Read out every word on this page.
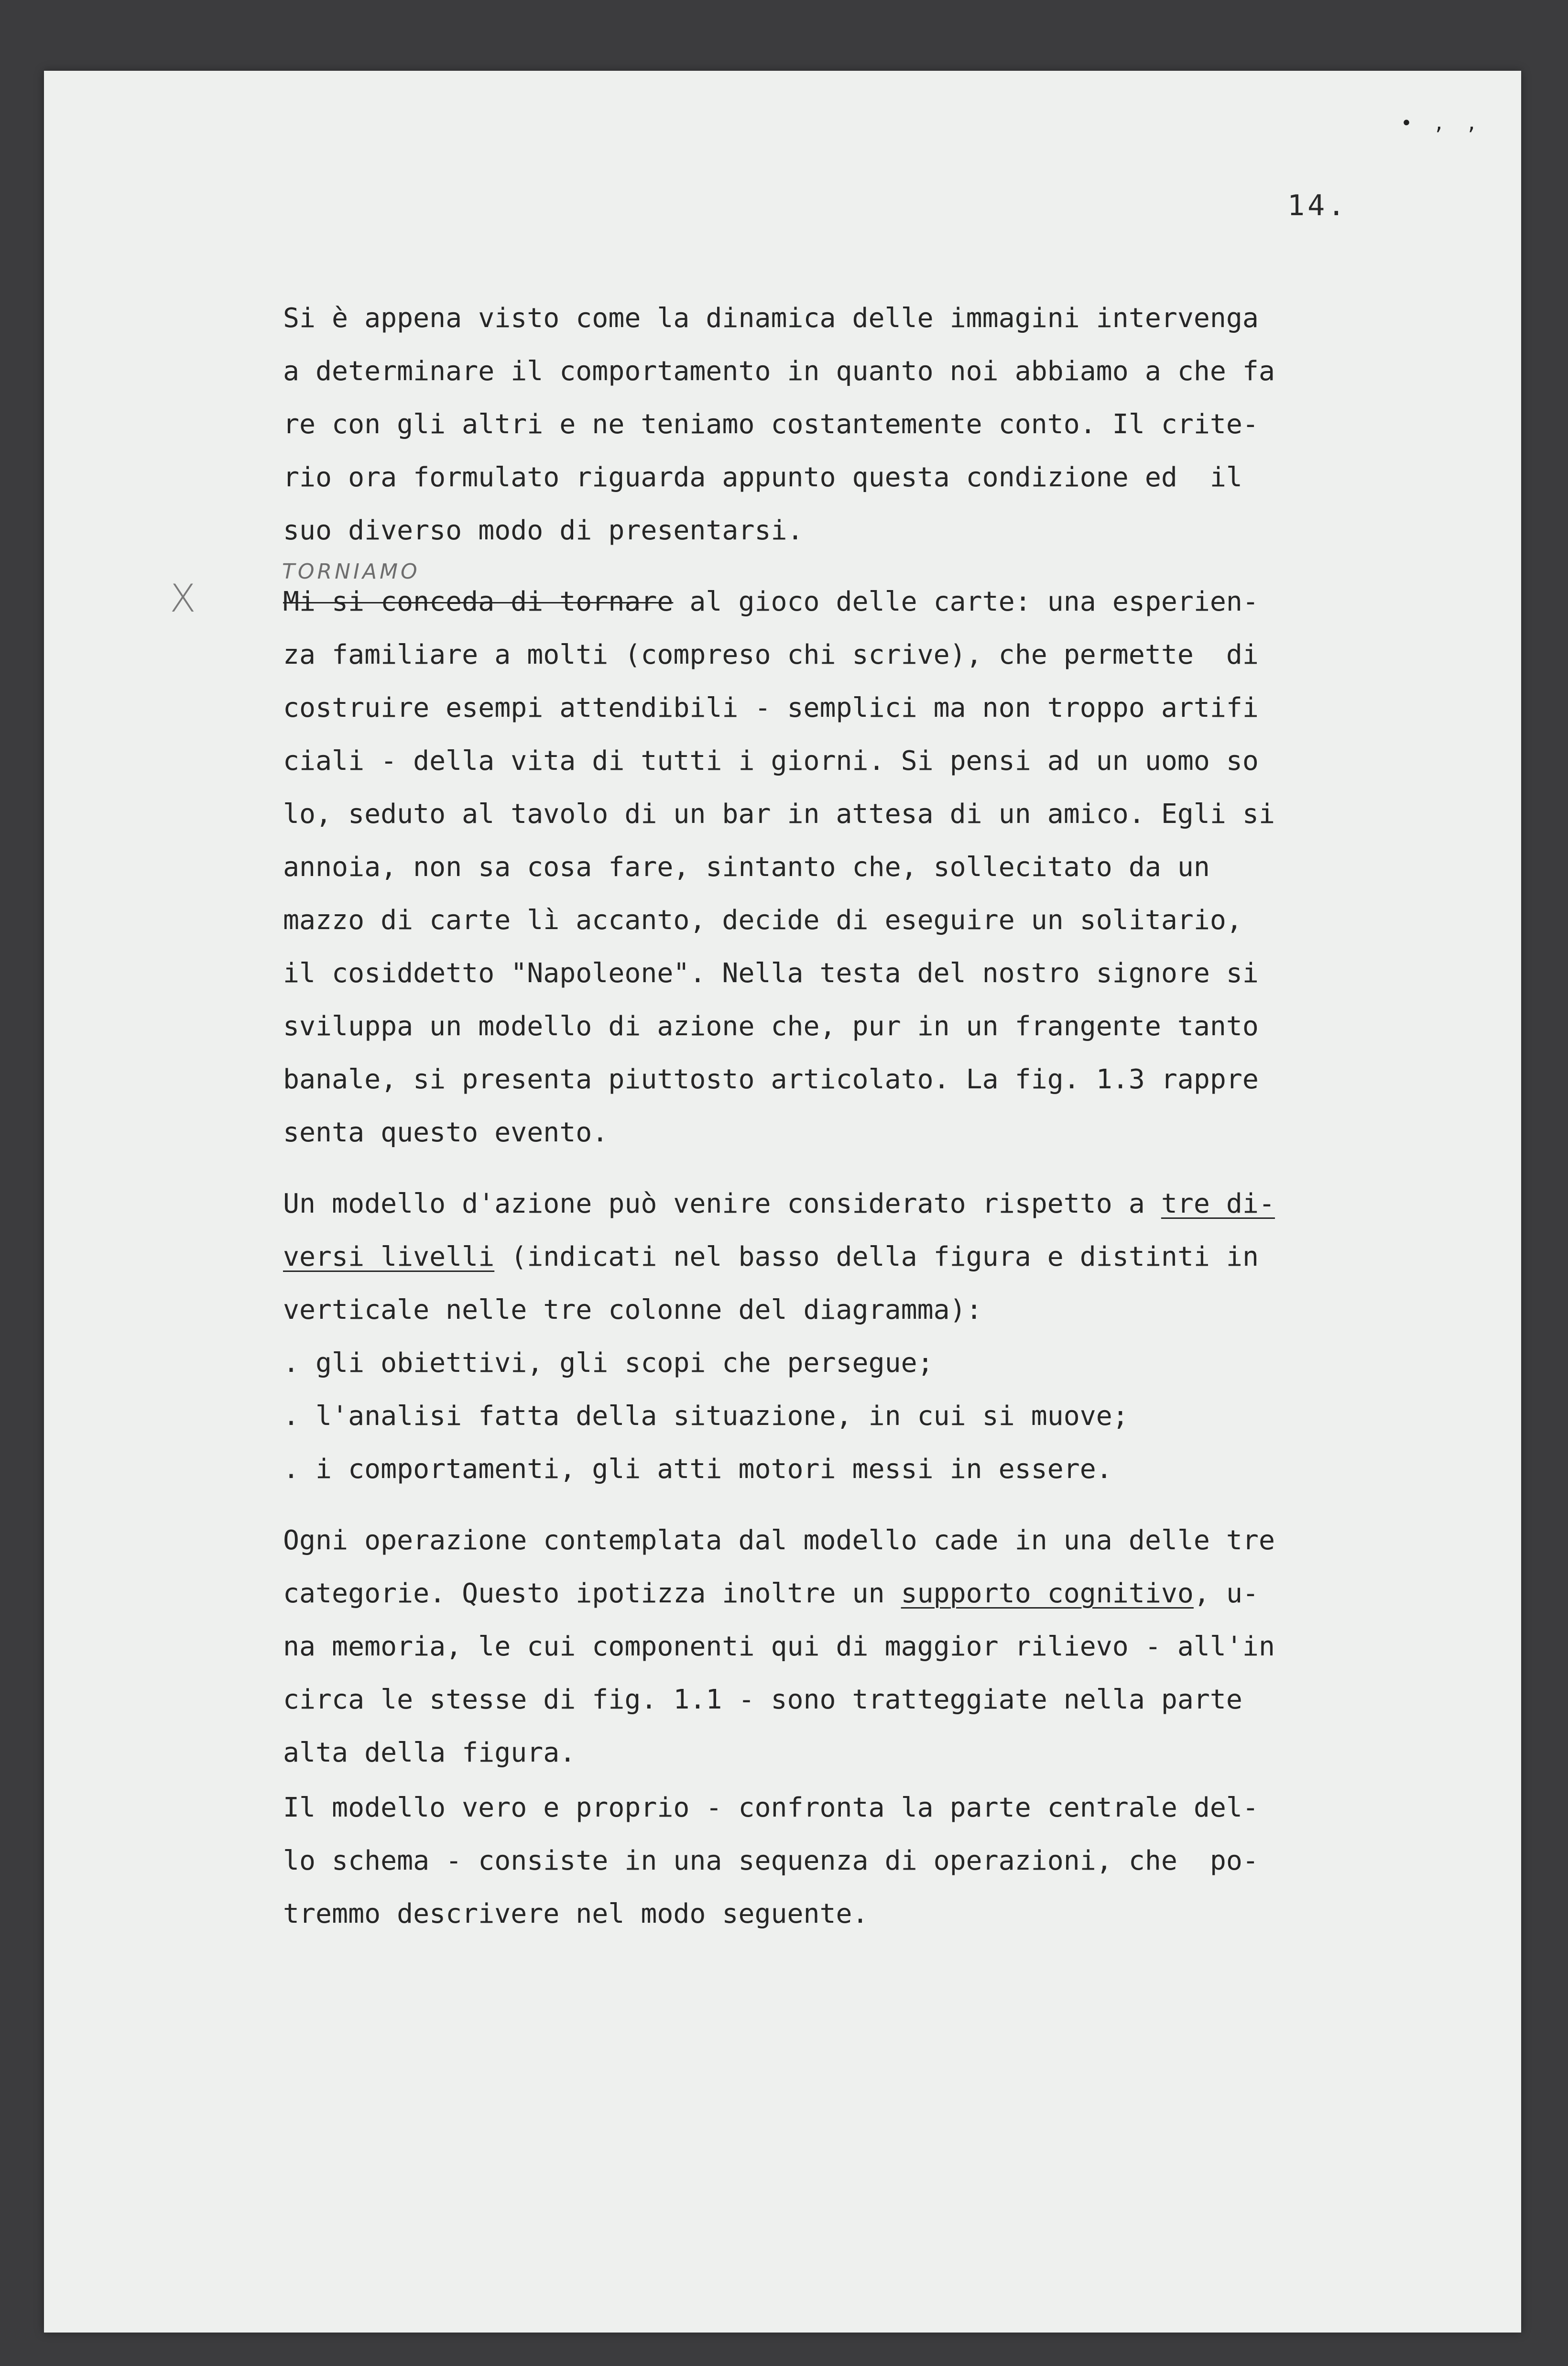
• , ,
14.
X
TORNIAMO
Si è appena visto come la dinamica delle immagini intervenga
a determinare il comportamento in quanto noi abbiamo a che fa
re con gli altri e ne teniamo costantemente conto. Il crite-
rio ora formulato riguarda appunto questa condizione ed  il
suo diverso modo di presentarsi.
Mi si conceda di tornare al gioco delle carte: una esperien-
za familiare a molti (compreso chi scrive), che permette  di
costruire esempi attendibili - semplici ma non troppo artifi
ciali - della vita di tutti i giorni. Si pensi ad un uomo so
lo, seduto al tavolo di un bar in attesa di un amico. Egli si
annoia, non sa cosa fare, sintanto che, sollecitato da un
mazzo di carte lì accanto, decide di eseguire un solitario,
il cosiddetto "Napoleone". Nella testa del nostro signore si
sviluppa un modello di azione che, pur in un frangente tanto
banale, si presenta piuttosto articolato. La fig. 1.3 rappre
senta questo evento.
Un modello d'azione può venire considerato rispetto a tre di-
versi livelli (indicati nel basso della figura e distinti in
verticale nelle tre colonne del diagramma):
. gli obiettivi, gli scopi che persegue;
. l'analisi fatta della situazione, in cui si muove;
. i comportamenti, gli atti motori messi in essere.
Ogni operazione contemplata dal modello cade in una delle tre
categorie. Questo ipotizza inoltre un supporto cognitivo, u-
na memoria, le cui componenti qui di maggior rilievo - all'in
circa le stesse di fig. 1.1 - sono tratteggiate nella parte
alta della figura.
Il modello vero e proprio - confronta la parte centrale del-
lo schema - consiste in una sequenza di operazioni, che  po-
tremmo descrivere nel modo seguente.
